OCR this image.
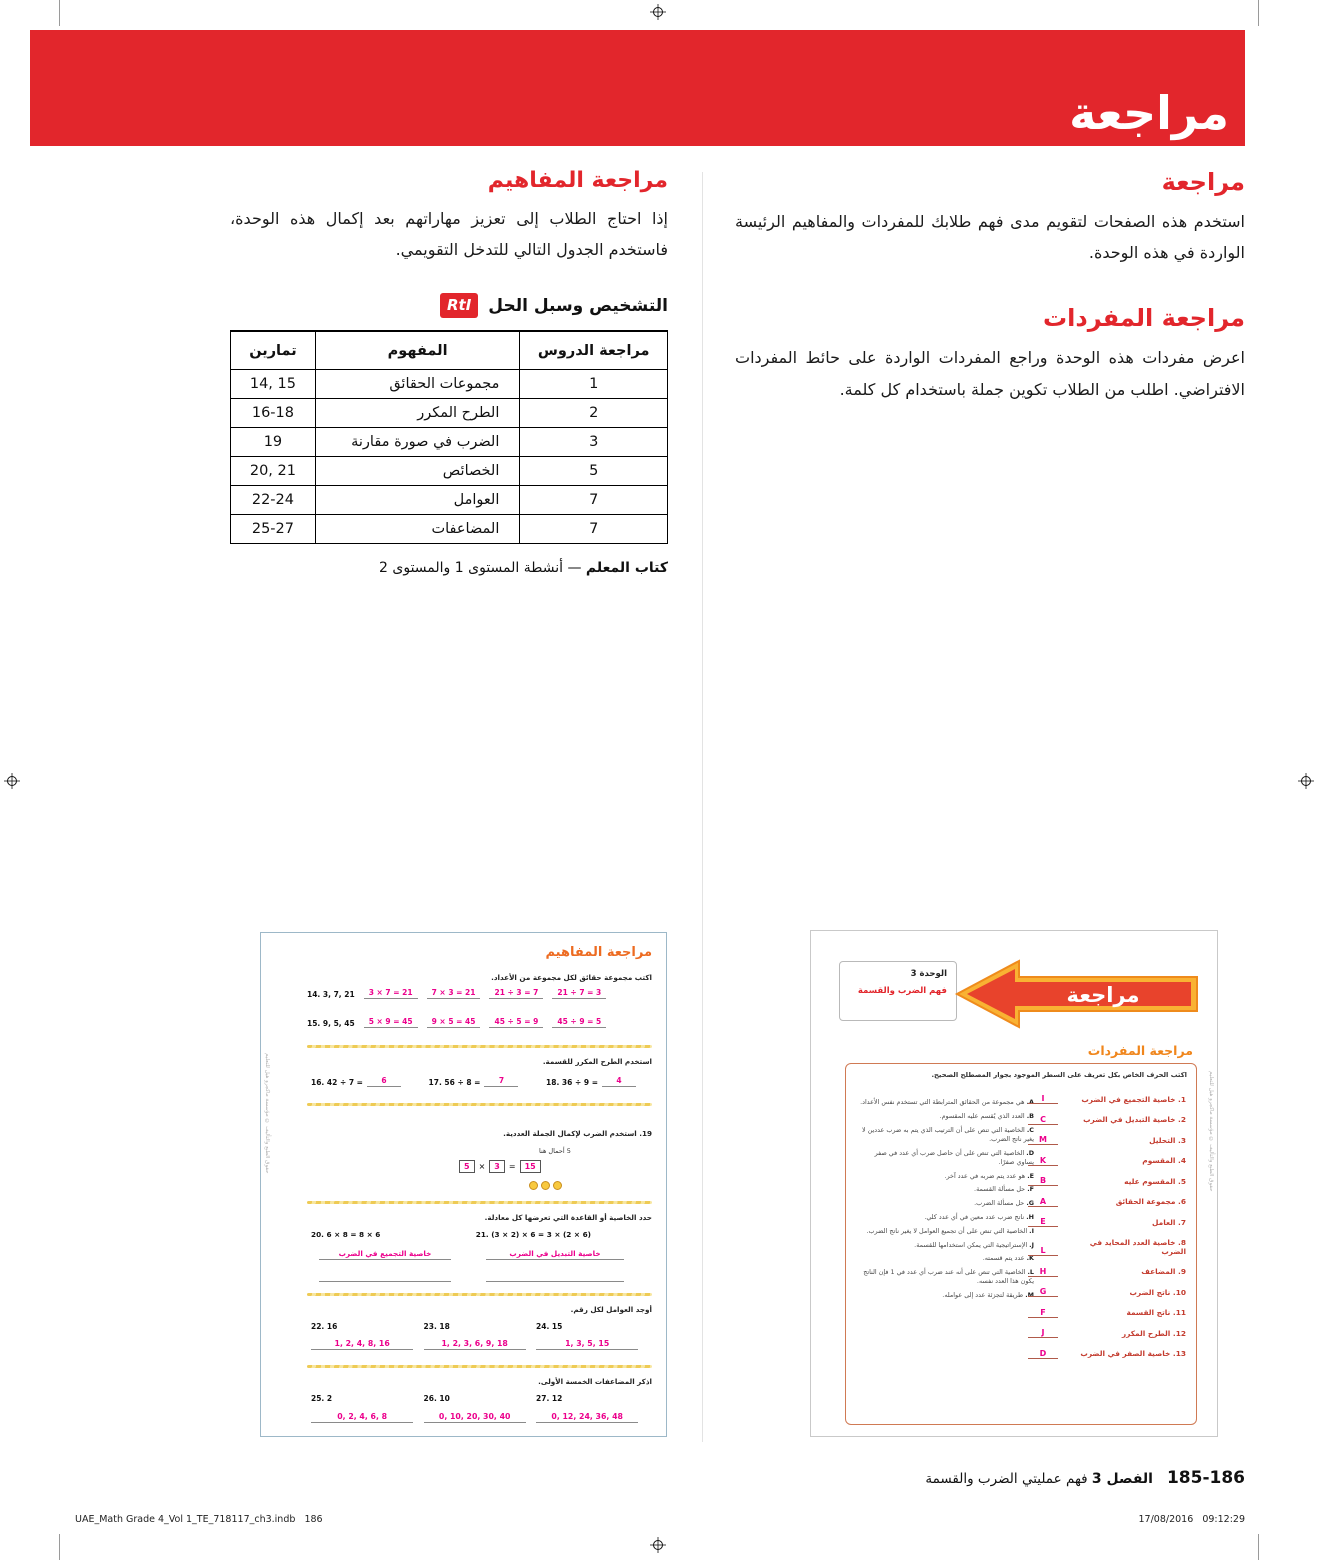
مراجعة
مراجعة
استخدم هذه الصفحات لتقويم مدى فهم طلابك للمفردات والمفاهيم الرئيسة الواردة في هذه الوحدة.
مراجعة المفردات
اعرض مفردات هذه الوحدة وراجع المفردات الواردة على حائط المفردات الافتراضي. اطلب من الطلاب تكوين جملة باستخدام كل كلمة.
مراجعة المفاهيم
إذا احتاج الطلاب إلى تعزيز مهاراتهم بعد إكمال هذه الوحدة، فاستخدم الجدول التالي للتدخل التقويمي.
التشخيص وسبل الحل
RtI
مراجعة الدروس	المفهوم	تمارين
1	مجموعات الحقائق	14, 15
2	الطرح المكرر	16-18
3	الضرب في صورة مقارنة	19
5	الخصائص	20, 21
7	العوامل	22-24
7	المضاعفات	25-27
كتاب المعلم — أنشطة المستوى 1 والمستوى 2
حقوق الطبع والتأليف © مؤسسة ماكجرو هيل للتعليم
مراجعة المفاهيم
اكتب مجموعة حقائق لكل مجموعة من الأعداد.
14. 3, 7, 21	3 × 7 = 21	7 × 3 = 21	21 ÷ 3 = 7	21 ÷ 7 = 3
15. 9, 5, 45	5 × 9 = 45	9 × 5 = 45	45 ÷ 5 = 9	45 ÷ 9 = 5
استخدم الطرح المكرر للقسمة.
16. 42 ÷ 7 =	6	17. 56 ÷ 8 =	7	18. 36 ÷ 9 =	4
19. استخدم الضرب لإكمال الجملة العددية.
5 أحمال هنا
5	×	3	=	15
حدد الخاصية أو القاعدة التي تعرضها كل معادلة.
20. 6 × 8 = 8 × 6	21. (3 × 2) × 6 = 3 × (2 × 6)
خاصية التجميع في الضرب	خاصية التبديل في الضرب
أوجد العوامل لكل رقم.
22. 16	23. 18	24. 15
1, 2, 4, 8, 16	1, 2, 3, 6, 9, 18	1, 3, 5, 15
اذكر المضاعفات الخمسة الأولى.
25. 2	26. 10	27. 12
0, 2, 4, 6, 8	0, 10, 20, 30, 40	0, 12, 24, 36, 48
حقوق الطبع والتأليف © مؤسسة ماكجرو هيل للتعليم
الوحدة 3
فهم الضرب والقسمة	مراجعة
مراجعة المفردات
اكتب الحرف الخاص بكل تعريف على السطر الموجود بجوار المصطلح الصحيح.
A. هي مجموعة من الحقائق المترابطة التي تستخدم نفس الأعداد.
B. العدد الذي يُقسم عليه المقسوم.
C. الخاصية التي تنص على أن الترتيب الذي يتم به ضرب عددين لا يغير ناتج الضرب.
D. الخاصية التي تنص على أن حاصل ضرب أي عدد في صفر يساوي صفرًا.
E. هو عدد يتم ضربه في عدد آخر.
F. حل مسألة القسمة.
G. حل مسألة الضرب.
H. ناتج ضرب عدد معين في أي عدد كلي.
I. الخاصية التي تنص على أن تجميع العوامل لا يغير ناتج الضرب.
J. الإستراتيجية التي يمكن استخدامها للقسمة.
K. عدد يتم قسمته.
L. الخاصية التي تنص على أنه عند ضرب أي عدد في 1 فإن الناتج يكون هذا العدد نفسه.
M. طريقة لتجزئة عدد إلى عوامله.
1. خاصية التجميع في الضرب
I
2. خاصية التبديل في الضرب
C
3. التحليل
M
4. المقسوم
K
5. المقسوم عليه
B
6. مجموعة الحقائق
A
7. العامل
E
8. خاصية العدد المحايد في الضرب
L
9. المضاعف
H
10. ناتج الضرب
G
11. ناتج القسمة
F
12. الطرح المكرر
J
13. خاصية الصفر في الضرب
D
185-186
الفصل 3 فهم عمليتي الضرب والقسمة
UAE_Math Grade 4_Vol 1_TE_718117_ch3.indb   186	17/08/2016   09:12:29
